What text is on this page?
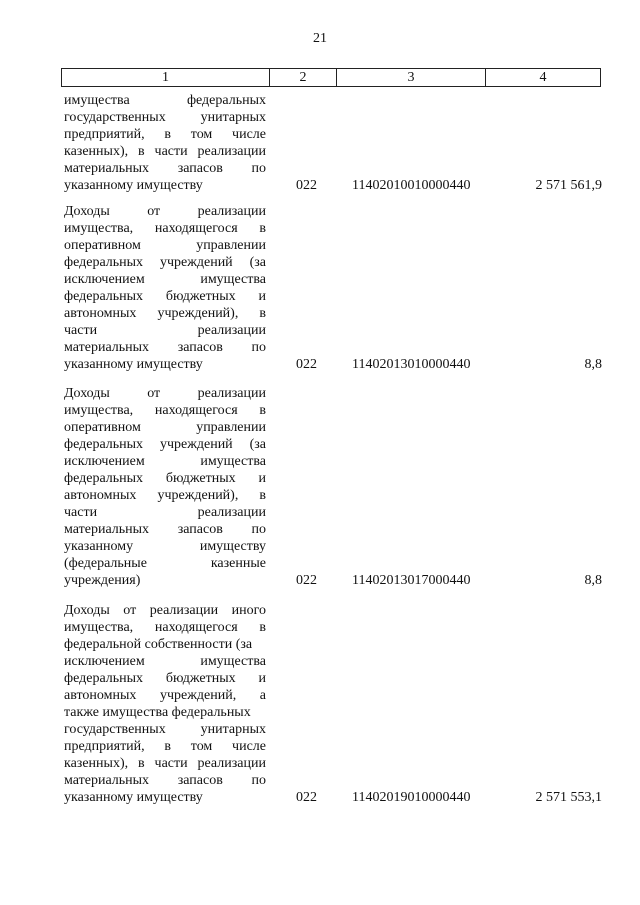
21
1	2	3	4
имущества	федеральных
государственных унитарных
предприятий, в том числе
казенных), в части реализации
материальных запасов по
указанному имуществу	022	11402010010000440	2 571 561,9
Доходы	от	реализации
имущества, находящегося в
оперативном	управлении
федеральных учреждений (за
исключением	имущества
федеральных бюджетных и
автономных учреждений), в
части	реализации
материальных запасов по
указанному имуществу	022	11402013010000440	8,8
Доходы	от	реализации
имущества, находящегося в
оперативном	управлении
федеральных учреждений (за
исключением	имущества
федеральных бюджетных и
автономных учреждений), в
части	реализации
материальных запасов по
указанному	имуществу
(федеральные	казенные
учреждения)	022	11402013017000440	8,8
Доходы от реализации иного
имущества, находящегося в
федеральной собственности (за
исключением	имущества
федеральных бюджетных и
автономных учреждений, а
также имущества федеральных
государственных унитарных
предприятий, в том числе
казенных), в части реализации
материальных запасов по
указанному имуществу	022	11402019010000440	2 571 553,1
